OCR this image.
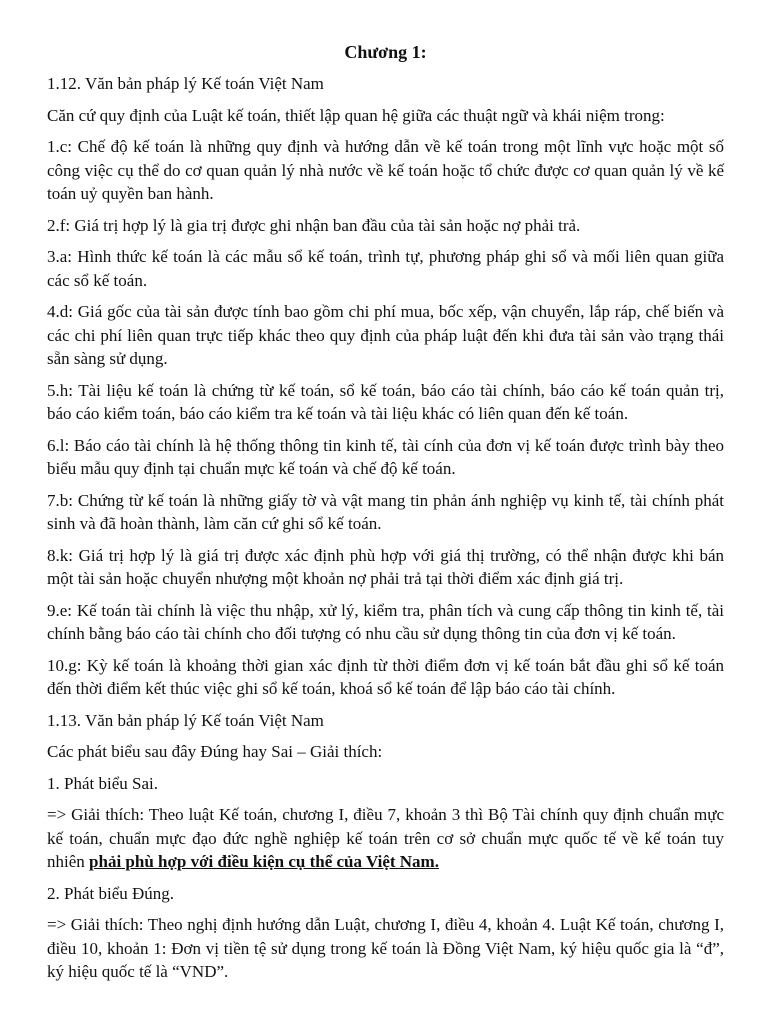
Chương 1:

1.12. Văn bản pháp lý Kế toán Việt Nam

Căn cứ quy định của Luật kế toán, thiết lập quan hệ giữa các thuật ngữ và khái niệm trong:

1.c: Chế độ kế toán là những quy định và hướng dẫn về kế toán trong một lĩnh vực hoặc một số công việc cụ thể do cơ quan quản lý nhà nước về kế toán hoặc tổ chức được cơ quan quản lý về kế toán uỷ quyền ban hành.

2.f: Giá trị hợp lý là gia trị được ghi nhận ban đầu của tài sản hoặc nợ phải trả.

3.a: Hình thức kế toán là các mẫu sổ kế toán, trình tự, phương pháp ghi sổ và mối liên quan giữa các sổ kế toán.

4.d: Giá gốc của tài sản được tính bao gồm chi phí mua, bốc xếp, vận chuyển, lắp ráp, chế biến và các chi phí liên quan trực tiếp khác theo quy định của pháp luật đến khi đưa tài sản vào trạng thái sẵn sàng sử dụng.

5.h: Tài liệu kế toán là chứng từ kế toán, sổ kế toán, báo cáo tài chính, báo cáo kế toán quản trị, báo cáo kiểm toán, báo cáo kiểm tra kế toán và tài liệu khác có liên quan đến kế toán.

6.l: Báo cáo tài chính là hệ thống thông tin kinh tế, tài cính của đơn vị kế toán được trình bày theo biểu mẫu quy định tại chuẩn mực kế toán và chế độ kế toán.

7.b: Chứng từ kế toán là những giấy tờ và vật mang tin phản ánh nghiệp vụ kinh tế, tài chính phát sinh và đã hoàn thành, làm căn cứ ghi sổ kế toán.

8.k: Giá trị hợp lý là giá trị được xác định phù hợp với giá thị trường, có thể nhận được khi bán một tài sản hoặc chuyển nhượng một khoản nợ phải trả tại thời điểm xác định giá trị.

9.e: Kế toán tài chính là việc thu nhập, xử lý, kiểm tra, phân tích và cung cấp thông tin kinh tế, tài chính bằng báo cáo tài chính cho đối tượng có nhu cầu sử dụng thông tin của đơn vị kế toán.

10.g: Kỳ kế toán là khoảng thời gian xác định từ thời điểm đơn vị kế toán bắt đầu ghi sổ kế toán đến thời điểm kết thúc việc ghi sổ kế toán, khoá sổ kế toán để lập báo cáo tài chính.

1.13. Văn bản pháp lý Kế toán Việt Nam

Các phát biểu sau đây Đúng hay Sai – Giải thích:

1. Phát biểu Sai.

=> Giải thích: Theo luật Kế toán, chương I, điều 7, khoản 3 thì Bộ Tài chính quy định chuẩn mực kế toán, chuẩn mực đạo đức nghề nghiệp kế toán trên cơ sở chuẩn mực quốc tế về kế toán tuy nhiên phải phù hợp với điều kiện cụ thể của Việt Nam.

2. Phát biểu Đúng.

=> Giải thích: Theo nghị định hướng dẫn Luật, chương I, điều 4, khoản 4. Luật Kế toán, chương I, điều 10, khoản 1: Đơn vị tiền tệ sử dụng trong kế toán là Đồng Việt Nam, ký hiệu quốc gia là “đ”, ký hiệu quốc tế là “VND”.
